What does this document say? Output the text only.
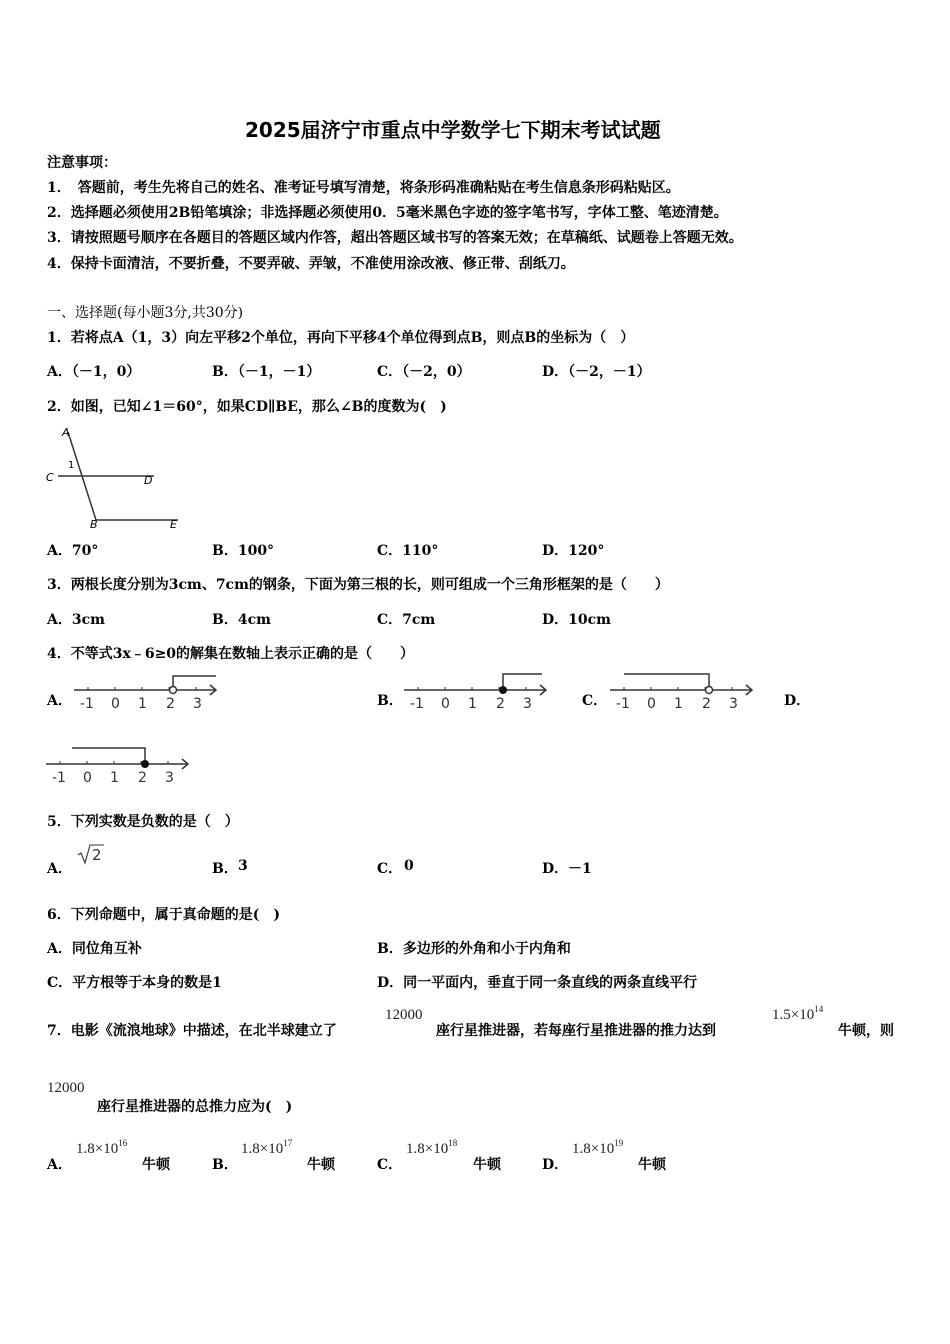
2025届济宁市重点中学数学七下期末考试试题
注意事项：
1．　答题前，考生先将自己的姓名、准考证号填写清楚，将条形码准确粘贴在考生信息条形码粘贴区。
2．选择题必须使用2B铅笔填涂；非选择题必须使用0．5毫米黑色字迹的签字笔书写，字体工整、笔迹清楚。
3．请按照题号顺序在各题目的答题区域内作答，超出答题区域书写的答案无效；在草稿纸、试题卷上答题无效。
4．保持卡面清洁，不要折叠，不要弄破、弄皱，不准使用涂改液、修正带、刮纸刀。
一、选择题(每小题3分,共30分)
1．若将点A（1，3）向左平移2个单位，再向下平移4个单位得到点B，则点B的坐标为（　）
A．（－1，0）	B．（－1，－1）	C．（－2，0）	D．（－2，－1）
2．如图，已知∠1＝60°，如果CD∥BE，那么∠B的度数为(　)
A
C	D
B	E
1
A．70°	B．100°	C．110°	D．120°
3．两根长度分别为3cm、7cm的钢条，下面为第三根的长，则可组成一个三角形框架的是（　　）
A．3cm	B．4cm	C．7cm	D．10cm
4．不等式3x﹣6≥0的解集在数轴上表示正确的是（　　）
A．	B．	C．	D．
-1 0 1 2 3	-1 0 1 2 3	-1 0 1 2 3
-1 0 1 2 3
5．下列实数是负数的是（　）
A．
2
B． 3	C． 0	D． －1
6．下列命题中，属于真命题的是(　)
A．同位角互补	B．多边形的外角和小于内角和
C．平方根等于本身的数是1	D．同一平面内，垂直于同一条直线的两条直线平行
7．电影《流浪地球》中描述，在北半球建立了
12000
座行星推进器，若每座行星推进器的推力达到
$1.5\times 10^{14}$
牛顿，则
12000
座行星推进器的总推力应为(　)
A．
$1.8\times 10^{16}$
牛顿	B．
$1.8\times 10^{17}$
牛顿	C．
$1.8\times 10^{18}$
牛顿	D．
$1.8\times 10^{19}$
牛顿
